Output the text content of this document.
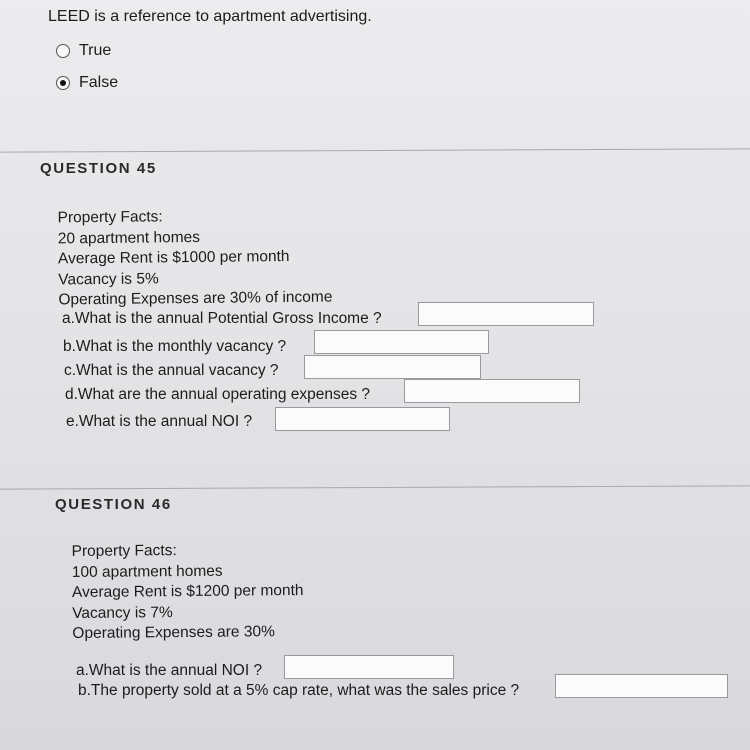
LEED is a reference to apartment advertising.
True
False
QUESTION 45
Property Facts:
20 apartment homes
Average Rent is $1000 per month
Vacancy is 5%
Operating Expenses are 30% of income
a.What is the annual Potential Gross Income ?
b.What is the monthly vacancy ?
c.What is the annual vacancy ?
d.What are the annual operating expenses ?
e.What is the annual NOI ?
QUESTION 46
Property Facts:
100 apartment homes
Average Rent is $1200 per month
Vacancy is 7%
Operating Expenses are 30%
a.What is the annual NOI ?
b.The property sold at a 5% cap rate, what was the sales price ?
